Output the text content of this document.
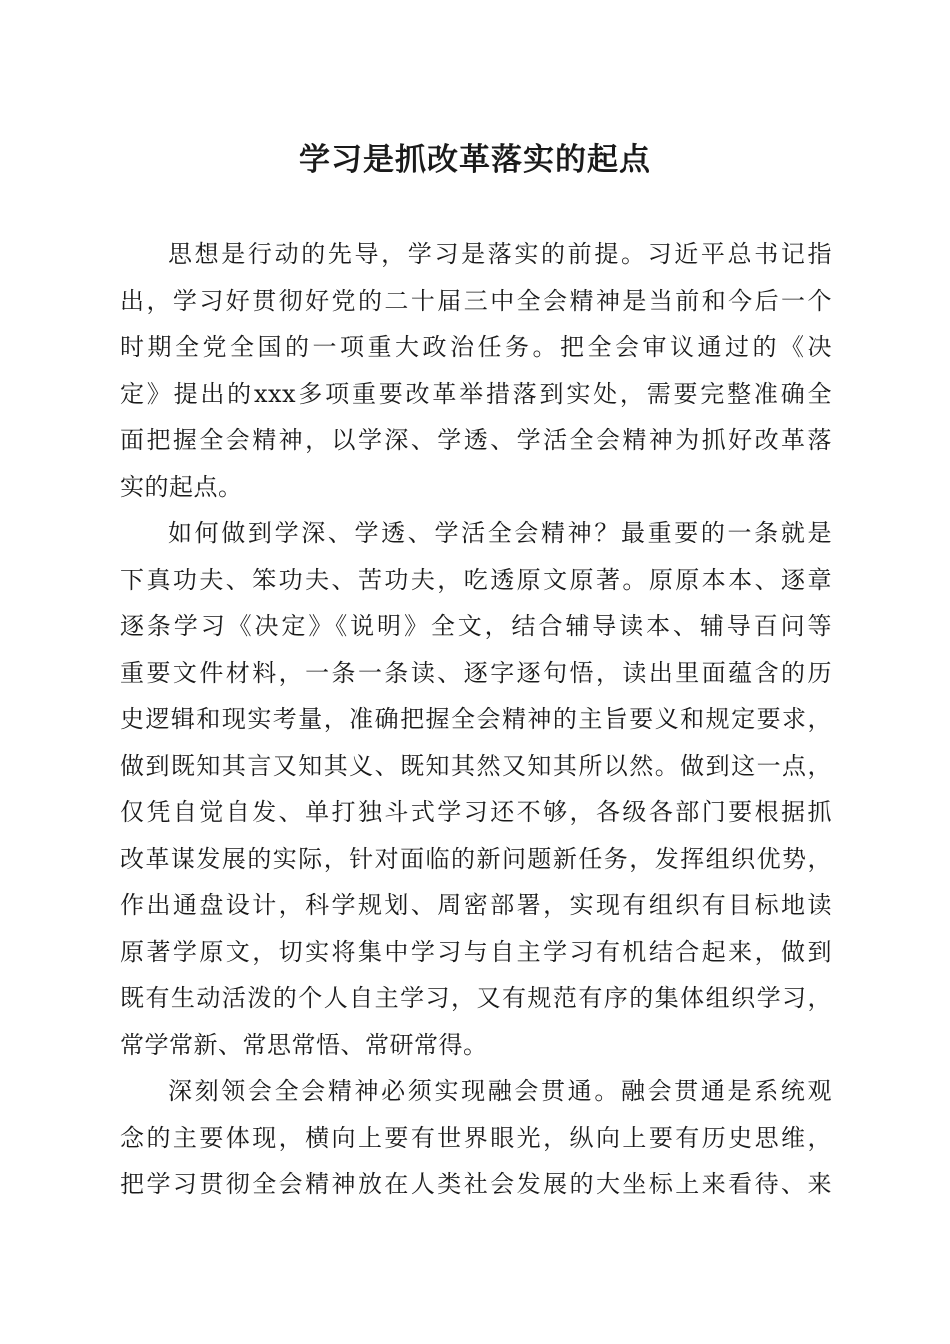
学习是抓改革落实的起点

思想是行动的先导，学习是落实的前提。习近平总书记指
出，学习好贯彻好党的二十届三中全会精神是当前和今后一个
时期全党全国的一项重大政治任务。把全会审议通过的《决
定》提出的xxx多项重要改革举措落到实处，需要完整准确全
面把握全会精神，以学深、学透、学活全会精神为抓好改革落
实的起点。

如何做到学深、学透、学活全会精神？最重要的一条就是
下真功夫、笨功夫、苦功夫，吃透原文原著。原原本本、逐章
逐条学习《决定》《说明》全文，结合辅导读本、辅导百问等
重要文件材料，一条一条读、逐字逐句悟，读出里面蕴含的历
史逻辑和现实考量，准确把握全会精神的主旨要义和规定要求，
做到既知其言又知其义、既知其然又知其所以然。做到这一点，
仅凭自觉自发、单打独斗式学习还不够，各级各部门要根据抓
改革谋发展的实际，针对面临的新问题新任务，发挥组织优势，
作出通盘设计，科学规划、周密部署，实现有组织有目标地读
原著学原文，切实将集中学习与自主学习有机结合起来，做到
既有生动活泼的个人自主学习，又有规范有序的集体组织学习，
常学常新、常思常悟、常研常得。

深刻领会全会精神必须实现融会贯通。融会贯通是系统观
念的主要体现，横向上要有世界眼光，纵向上要有历史思维，
把学习贯彻全会精神放在人类社会发展的大坐标上来看待、来
